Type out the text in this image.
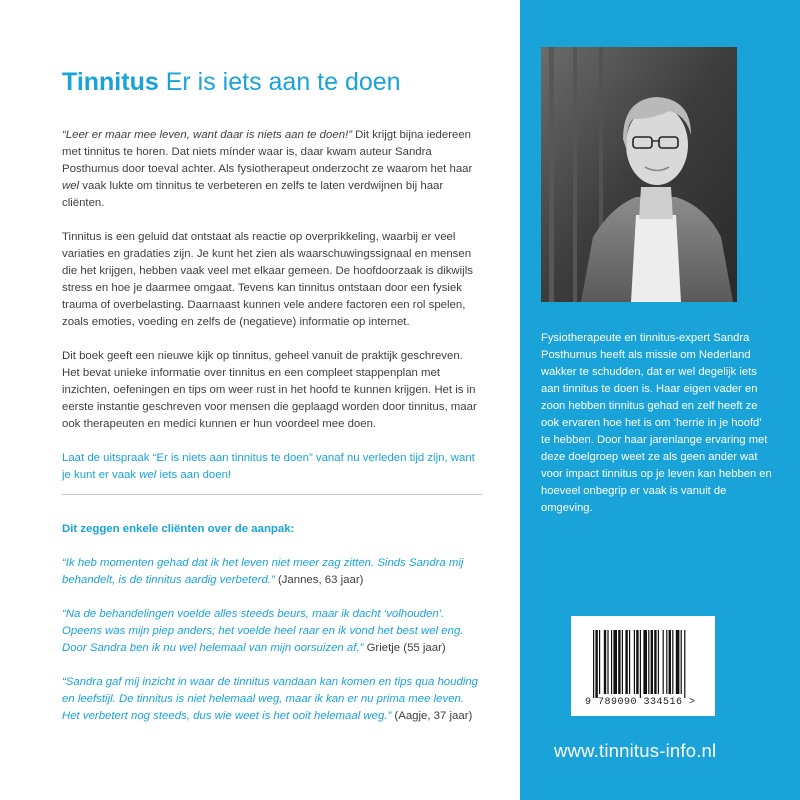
Tinnitus Er is iets aan te doen

“Leer er maar mee leven, want daar is niets aan te doen!” Dit krijgt bijna iedereen met tinnitus te horen. Dat niets mínder waar is, daar kwam auteur Sandra Posthumus door toeval achter. Als fysiotherapeut onderzocht ze waarom het haar wel vaak lukte om tinnitus te verbeteren en zelfs te laten verdwijnen bij haar cliënten.

Tinnitus is een geluid dat ontstaat als reactie op overprikkeling, waarbij er veel variaties en gradaties zijn. Je kunt het zien als waarschuwingssignaal en mensen die het krijgen, hebben vaak veel met elkaar gemeen. De hoofdoorzaak is dikwijls stress en hoe je daarmee omgaat. Tevens kan tinnitus ontstaan door een fysiek trauma of overbelasting. Daarnaast kunnen vele andere factoren een rol spelen, zoals emoties, voeding en zelfs de (negatieve) informatie op internet.

Dit boek geeft een nieuwe kijk op tinnitus, geheel vanuit de praktijk geschreven. Het bevat unieke informatie over tinnitus en een compleet stappenplan met inzichten, oefeningen en tips om weer rust in het hoofd te kunnen krijgen. Het is in eerste instantie geschreven voor mensen die geplaagd worden door tinnitus, maar ook therapeuten en medici kunnen er hun voordeel mee doen.

Laat de uitspraak “Er is niets aan tinnitus te doen” vanaf nu verleden tijd zijn, want je kunt er vaak wel iets aan doen!

Dit zeggen enkele cliënten over de aanpak:

“Ik heb momenten gehad dat ik het leven niet meer zag zitten. Sinds Sandra mij behandelt, is de tinnitus aardig verbeterd.” (Jannes, 63 jaar)

“Na de behandelingen voelde alles steeds beurs, maar ik dacht ‘volhouden’. Opeens was mijn piep anders; het voelde heel raar en ik vond het best wel eng. Door Sandra ben ik nu wel helemaal van mijn oorsuizen af.” Grietje (55 jaar)

“Sandra gaf mij inzicht in waar de tinnitus vandaan kan komen en tips qua houding en leefstijl. De tinnitus is niet helemaal weg, maar ik kan er nu prima mee leven. Het verbetert nog steeds, dus wie weet is het ooit helemaal weg.” (Aagje, 37 jaar)

Fysiotherapeute en tinnitus-expert Sandra Posthumus heeft als missie om Nederland wakker te schudden, dat er wel degelijk iets aan tinnitus te doen is. Haar eigen vader en zoon hebben tinnitus gehad en zelf heeft ze ook ervaren hoe het is om ‘herrie in je hoofd’ te hebben. Door haar jarenlange ervaring met deze doelgroep weet ze als geen ander wat voor impact tinnitus op je leven kan hebben en hoeveel onbegrip er vaak is vanuit de omgeving.

9 789090 334516 >
www.tinnitus-info.nl
